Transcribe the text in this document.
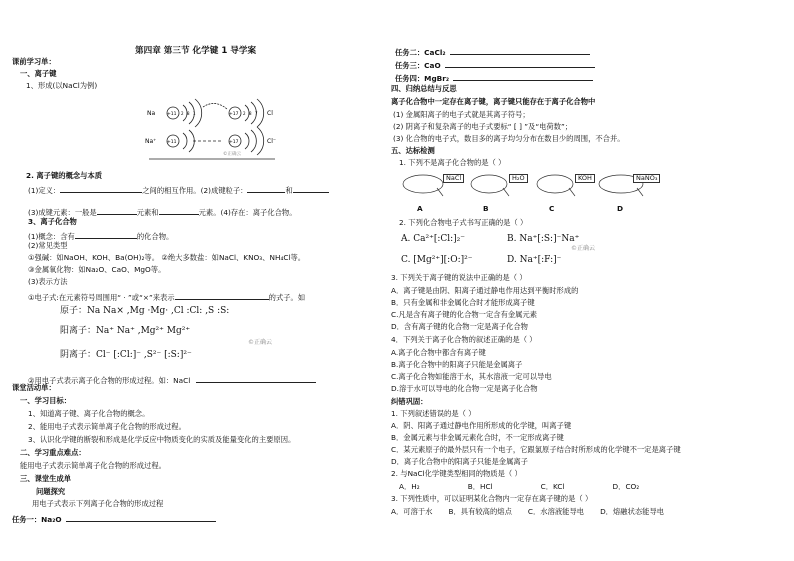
第四章 第三节 化学键 1 导学案
课前学习单：
一、离子键
1、形成(以NaCl为例)
Na
Na⁺
Cl
Cl⁻
+11	+17
+11	+17
2 8 1	2 8 7
©正确云
2. 离子键的概念与本质
(1)定义：	之间的相互作用。(2)成键粒子：	和
(3)成键元素：一般是	元素和	元素。(4)存在：离子化合物。
3、离子化合物
(1)概念：含有	的化合物。
(2)常见类型
①强碱：如NaOH、KOH、Ba(OH)₂等。 ②绝大多数盐：如NaCl、KNO₃、NH₄Cl等。
③金属氧化物：如Na₂O、CaO、MgO等。
(3)表示方法
①电子式:在元素符号周围用“ · ”或“×”来表示	的式子。如
原子：Na Na× ,Mg ·Mg· ,Cl :Cl: ,S :S:
阳离子：Na⁺ Na⁺ ,Mg²⁺ Mg²⁺
©正确云
阴离子：Cl⁻ [:Cl:]⁻ ,S²⁻ [:S:]²⁻
②用电子式表示离子化合物的形成过程。如：NaCl
课堂活动单：
一、学习目标：
1、知道离子键、离子化合物的概念。
2、能用电子式表示简单离子化合物的形成过程。
3、认识化学键的断裂和形成是化学反应中物质变化的实质及能量变化的主要原因。
二、学习重点难点：
能用电子式表示简单离子化合物的形成过程。
三、课堂生成单
问题探究
用电子式表示下列离子化合物的形成过程
任务一：Na₂O
任务二：CaCl₂
任务三：CaO
任务四：MgBr₂
四、归纳总结与反思
离子化合物中一定存在离子键，离子键只能存在于离子化合物中
(1) 金属阳离子的电子式就是其离子符号；
(2) 阴离子和复杂离子的电子式要标“ [ ] ”及“电荷数”；
(3) 化合物的电子式，数目多的离子均匀分布在数目少的周围，不合并。
五、达标检测
1. 下列不是离子化合物的是（ ）
NaCl	H₂O	KOH	NaNO₃
A	B	C	D
2. 下列化合物电子式书写正确的是（ ）
A. Ca²⁺[:Cl:]₂⁻	B. Na⁺[:S:]⁻Na⁺
©正确云
C. [Mg²⁺][:O:]²⁻	D. Na⁺[:F:]⁻
3. 下列关于离子键的说法中正确的是（ ）
A．离子键是由阴、阳离子通过静电作用达到平衡时形成的
B．只有金属和非金属化合时才能形成离子键
C.凡是含有离子键的化合物一定含有金属元素
D．含有离子键的化合物一定是离子化合物
4．下列关于离子化合物的叙述正确的是（ ）
A.离子化合物中都含有离子键
B.离子化合物中的阳离子只能是金属离子
C.离子化合物如能溶于水，其水溶液一定可以导电
D.溶于水可以导电的化合物一定是离子化合物
纠错巩固：
1. 下列叙述错误的是（ ）
A．阴、阳离子通过静电作用所形成的化学键，叫离子键
B．金属元素与非金属元素化合时，不一定形成离子键
C．某元素原子的最外层只有一个电子，它跟氯原子结合时所形成的化学键不一定是离子键
D．离子化合物中的阳离子只能是金属离子
2. 与NaCl化学键类型相同的物质是（ ）
A．H₂	B．HCl	C．KCl	D．CO₂
3. 下列性质中，可以证明某化合物内一定存在离子键的是（ ）
A．可溶于水 B．具有较高的熔点 C．水溶液能导电 D．熔融状态能导电
